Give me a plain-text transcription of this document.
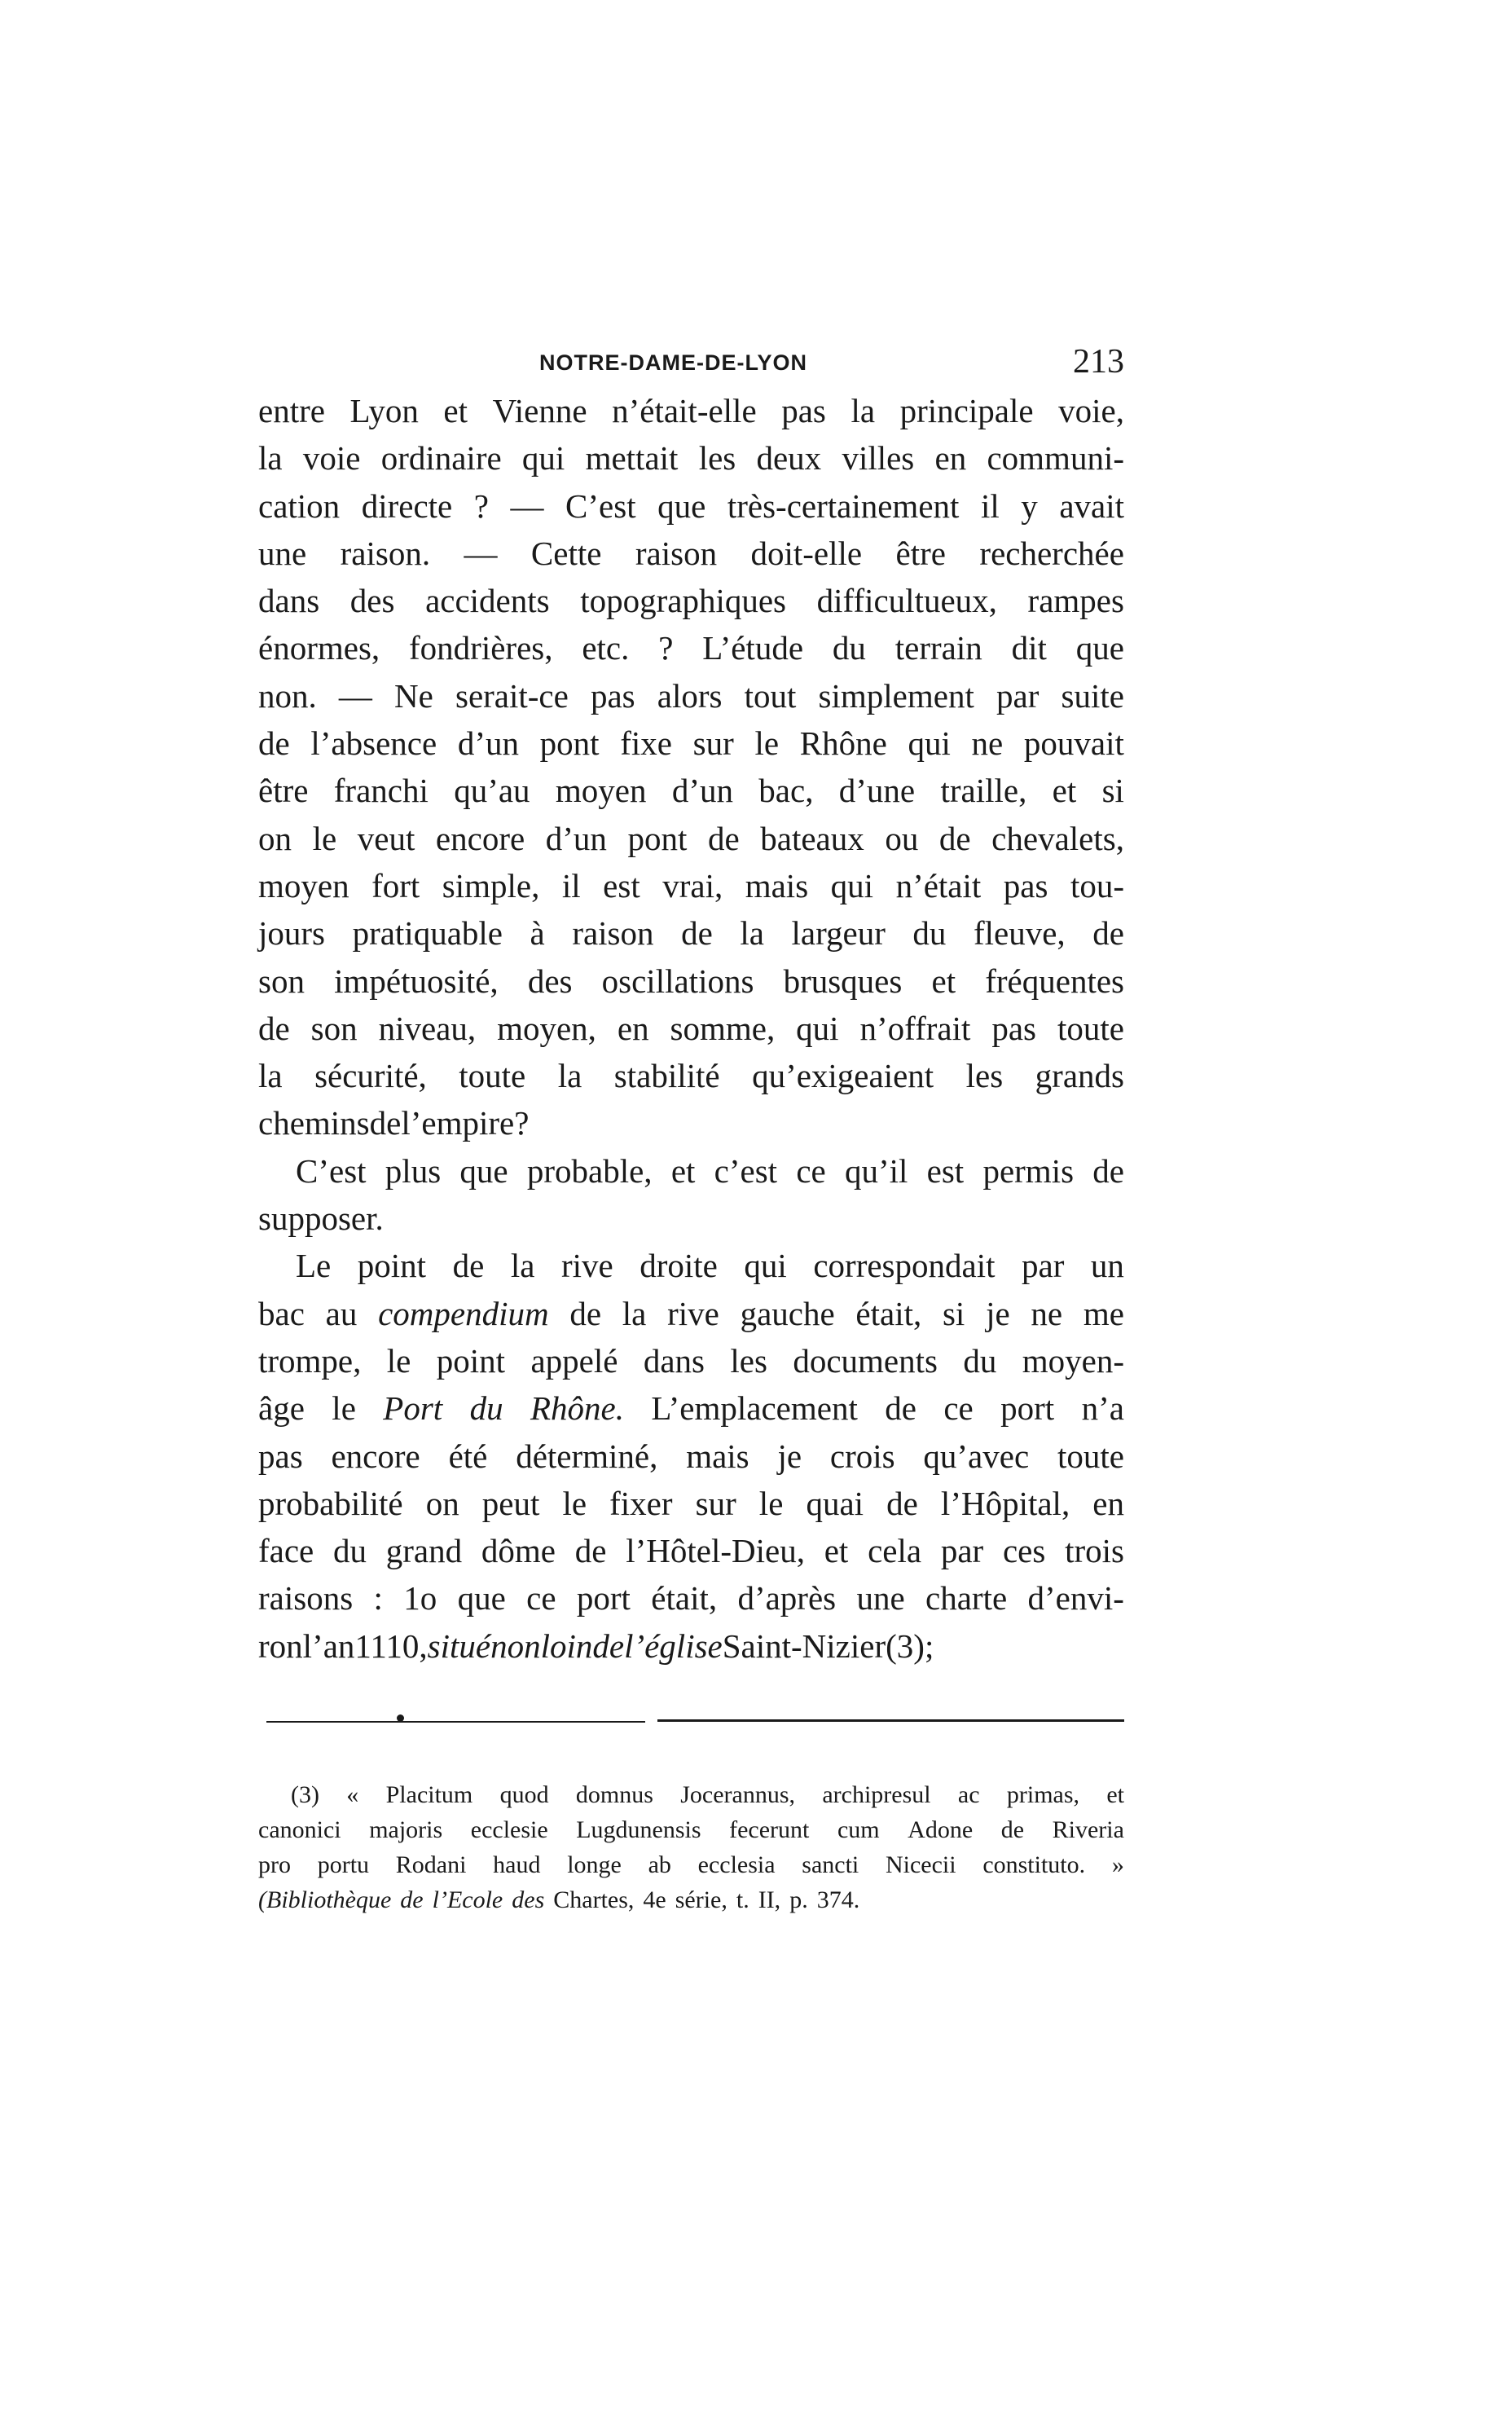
NOTRE-DAME-DE-LYON	213
entre Lyon et Vienne n’était-elle pas la principale voie,
la voie ordinaire qui mettait les deux villes en communi-
cation directe ? — C’est que très-certainement il y avait
une raison. — Cette raison doit-elle être recherchée
dans des accidents topographiques difficultueux, rampes
énormes, fondrières, etc. ? L’étude du terrain dit que
non. — Ne serait-ce pas alors tout simplement par suite
de l’absence d’un pont fixe sur le Rhône qui ne pouvait
être franchi qu’au moyen d’un bac, d’une traille, et si
on le veut encore d’un pont de bateaux ou de chevalets,
moyen fort simple, il est vrai, mais qui n’était pas tou-
jours pratiquable à raison de la largeur du fleuve, de
son impétuosité, des oscillations brusques et fréquentes
de son niveau, moyen, en somme, qui n’offrait pas toute
la sécurité, toute la stabilité qu’exigeaient les grands
chemins de l’empire?
C’est plus que probable, et c’est ce qu’il est permis de
supposer.
Le point de la rive droite qui correspondait par un
bac au compendium de la rive gauche était, si je ne me
trompe, le point appelé dans les documents du moyen-
âge le Port du Rhône. L’emplacement de ce port n’a
pas encore été déterminé, mais je crois qu’avec toute
probabilité on peut le fixer sur le quai de l’Hôpital, en
face du grand dôme de l’Hôtel-Dieu, et cela par ces trois
raisons : 1o que ce port était, d’après une charte d’envi-
ron l’an 1110, situé non loin de l’église Saint-Nizier (3) ;
(3) « Placitum quod domnus Jocerannus, archipresul ac primas, et
canonici majoris ecclesie Lugdunensis fecerunt cum Adone de Riveria
pro portu Rodani haud longe ab ecclesia sancti Nicecii constituto. »
(Bibliothèque de l’Ecole des Chartes, 4e série, t. II, p. 374.
